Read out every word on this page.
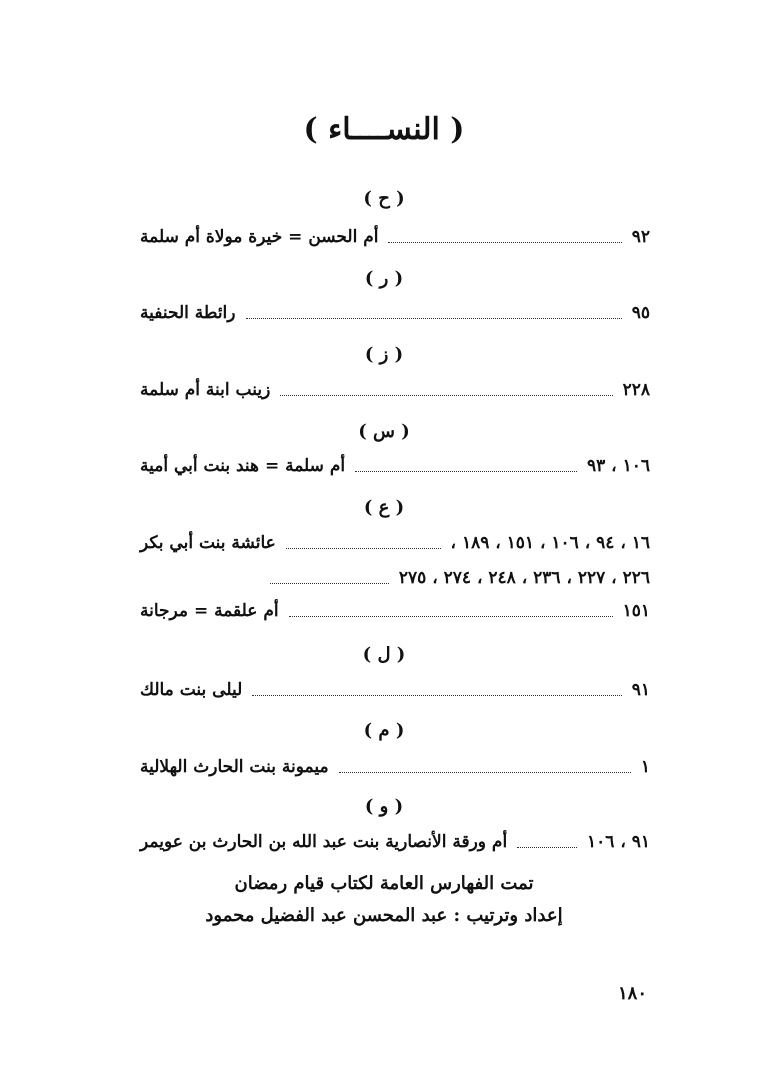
( النســــاء )
( ح )
أم الحسن = خيرة مولاة أم سلمة	٩٢
( ر )
رائطة الحنفية	٩٥
( ز )
زينب ابنة أم سلمة	٢٢٨
( س )
أم سلمة = هند بنت أبي أمية	١٠٦ ، ٩٣
( ع )
عائشة بنت أبي بكر	١٦ ، ٩٤ ، ١٠٦ ، ١٥١ ، ١٨٩ ،
٢٢٦ ، ٢٢٧ ، ٢٣٦ ، ٢٤٨ ، ٢٧٤ ، ٢٧٥
أم علقمة = مرجانة	١٥١
( ل )
ليلى بنت مالك	٩١
( م )
ميمونة بنت الحارث الهلالية	١
( و )
أم ورقة الأنصارية بنت عبد الله بن الحارث بن عويمر	٩١ ، ١٠٦
تمت الفهارس العامة لكتاب قيام رمضان
إعداد وترتيب : عبد المحسن عبد الفضيل محمود
١٨٠
